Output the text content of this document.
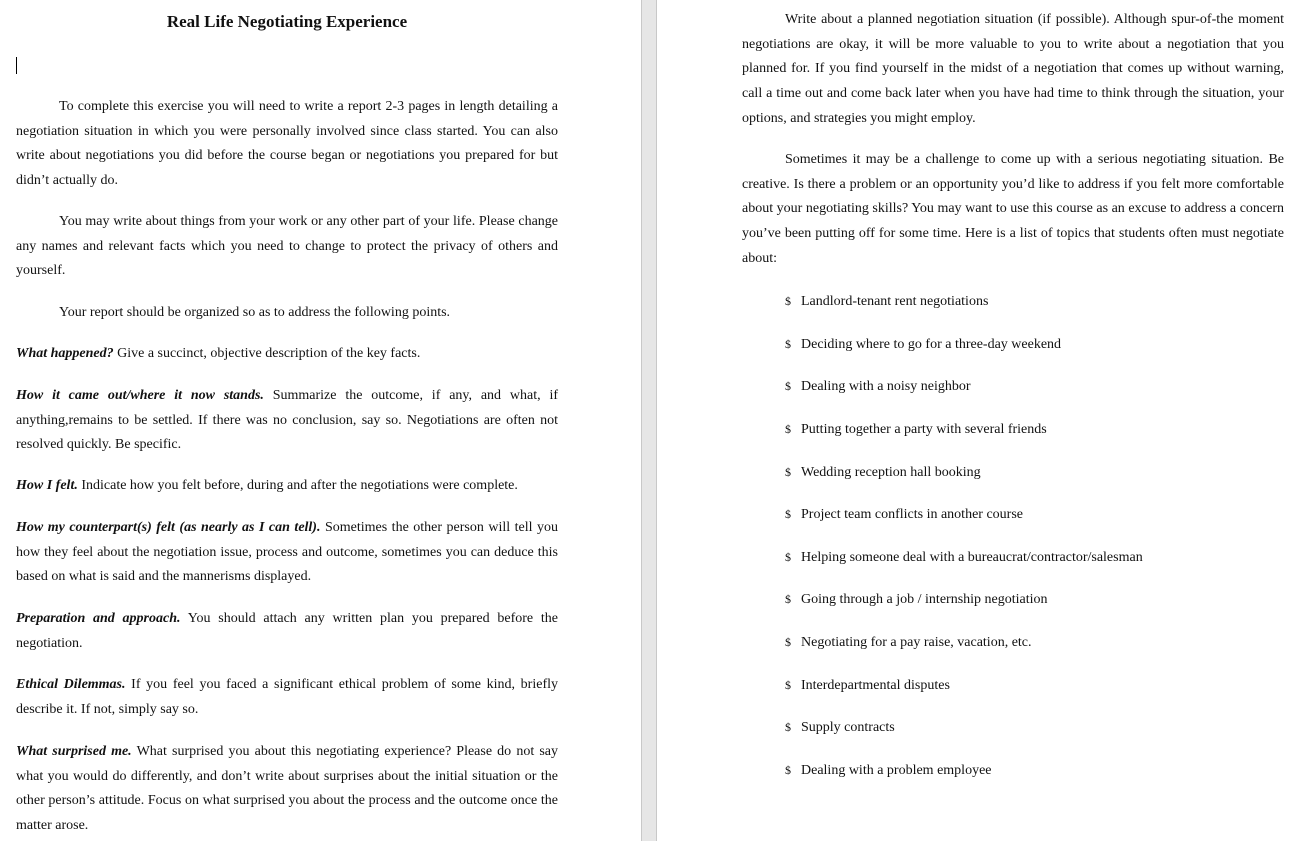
Real Life Negotiating Experience

To complete this exercise you will need to write a report 2-3 pages in length detailing a negotiation situation in which you were personally involved since class started. You can also write about negotiations you did before the course began or negotiations you prepared for but didn’t actually do.

You may write about things from your work or any other part of your life. Please change any names and relevant facts which you need to change to protect the privacy of others and yourself.

Your report should be organized so as to address the following points.

What happened? Give a succinct, objective description of the key facts.

How it came out/where it now stands. Summarize the outcome, if any, and what, if anything,remains to be settled. If there was no conclusion, say so. Negotiations are often not resolved quickly. Be specific.

How I felt. Indicate how you felt before, during and after the negotiations were complete.

How my counterpart(s) felt (as nearly as I can tell). Sometimes the other person will tell you how they feel about the negotiation issue, process and outcome, sometimes you can deduce this based on what is said and the mannerisms displayed.

Preparation and approach. You should attach any written plan you prepared before the negotiation.

Ethical Dilemmas. If you feel you faced a significant ethical problem of some kind, briefly describe it. If not, simply say so.

What surprised me. What surprised you about this negotiating experience? Please do not say what you would do differently, and don’t write about surprises about the initial situation or the other person’s attitude. Focus on what surprised you about the process and the outcome once the matter arose.

Write about a planned negotiation situation (if possible). Although spur-of-the moment negotiations are okay, it will be more valuable to you to write about a negotiation that you planned for. If you find yourself in the midst of a negotiation that comes up without warning, call a time out and come back later when you have had time to think through the situation, your options, and strategies you might employ.

Sometimes it may be a challenge to come up with a serious negotiating situation. Be creative. Is there a problem or an opportunity you’d like to address if you felt more comfortable about your negotiating skills? You may want to use this course as an excuse to address a concern you’ve been putting off for some time. Here is a list of topics that students often must negotiate about:

$ Landlord-tenant rent negotiations
$ Deciding where to go for a three-day weekend
$ Dealing with a noisy neighbor
$ Putting together a party with several friends
$ Wedding reception hall booking
$ Project team conflicts in another course
$ Helping someone deal with a bureaucrat/contractor/salesman
$ Going through a job / internship negotiation
$ Negotiating for a pay raise, vacation, etc.
$ Interdepartmental disputes
$ Supply contracts
$ Dealing with a problem employee
